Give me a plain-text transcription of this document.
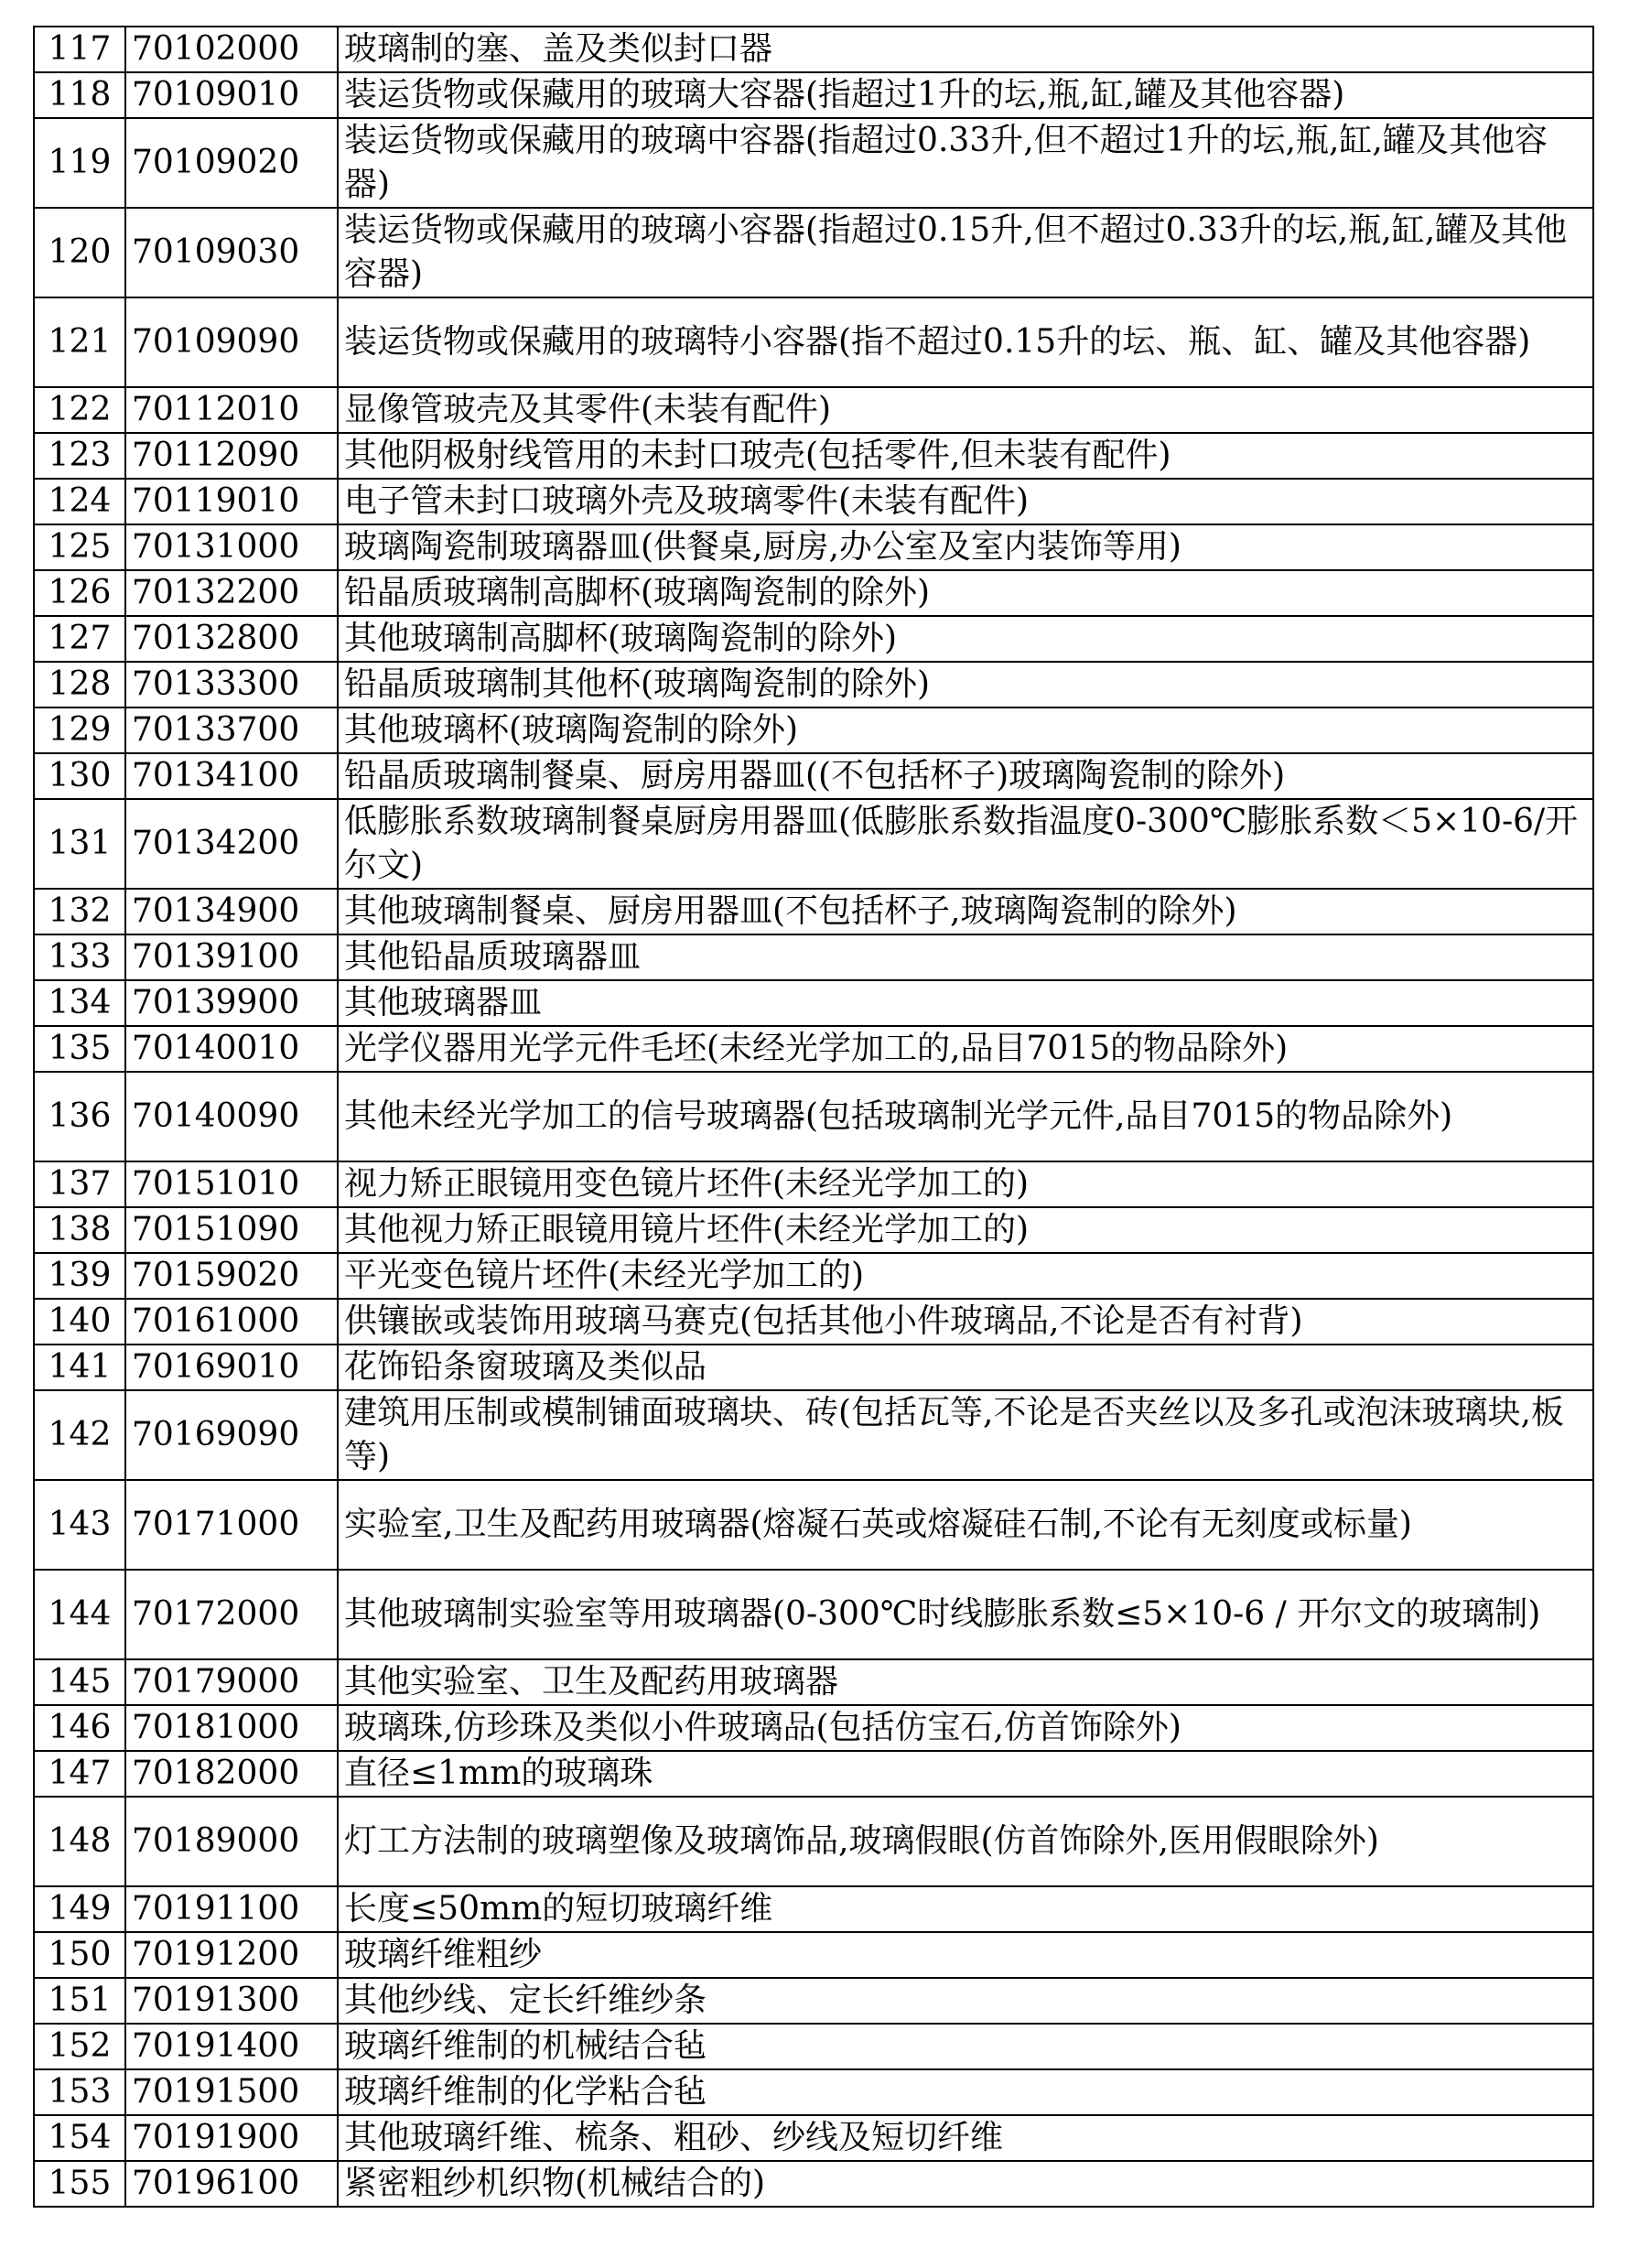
117	70102000	玻璃制的塞、盖及类似封口器
118	70109010	装运货物或保藏用的玻璃大容器(指超过1升的坛,瓶,缸,罐及其他容器)
119	70109020	装运货物或保藏用的玻璃中容器(指超过0.33升,但不超过1升的坛,瓶,缸,罐及其他容器)
120	70109030	装运货物或保藏用的玻璃小容器(指超过0.15升,但不超过0.33升的坛,瓶,缸,罐及其他容器)
121	70109090	装运货物或保藏用的玻璃特小容器(指不超过0.15升的坛、瓶、缸、罐及其他容器)
122	70112010	显像管玻壳及其零件(未装有配件)
123	70112090	其他阴极射线管用的未封口玻壳(包括零件,但未装有配件)
124	70119010	电子管未封口玻璃外壳及玻璃零件(未装有配件)
125	70131000	玻璃陶瓷制玻璃器皿(供餐桌,厨房,办公室及室内装饰等用)
126	70132200	铅晶质玻璃制高脚杯(玻璃陶瓷制的除外)
127	70132800	其他玻璃制高脚杯(玻璃陶瓷制的除外)
128	70133300	铅晶质玻璃制其他杯(玻璃陶瓷制的除外)
129	70133700	其他玻璃杯(玻璃陶瓷制的除外)
130	70134100	铅晶质玻璃制餐桌、厨房用器皿((不包括杯子)玻璃陶瓷制的除外)
131	70134200	低膨胀系数玻璃制餐桌厨房用器皿(低膨胀系数指温度0-300℃膨胀系数＜5×10-6/开尔文)
132	70134900	其他玻璃制餐桌、厨房用器皿(不包括杯子,玻璃陶瓷制的除外)
133	70139100	其他铅晶质玻璃器皿
134	70139900	其他玻璃器皿
135	70140010	光学仪器用光学元件毛坯(未经光学加工的,品目7015的物品除外)
136	70140090	其他未经光学加工的信号玻璃器(包括玻璃制光学元件,品目7015的物品除外)
137	70151010	视力矫正眼镜用变色镜片坯件(未经光学加工的)
138	70151090	其他视力矫正眼镜用镜片坯件(未经光学加工的)
139	70159020	平光变色镜片坯件(未经光学加工的)
140	70161000	供镶嵌或装饰用玻璃马赛克(包括其他小件玻璃品,不论是否有衬背)
141	70169010	花饰铅条窗玻璃及类似品
142	70169090	建筑用压制或模制铺面玻璃块、砖(包括瓦等,不论是否夹丝以及多孔或泡沫玻璃块,板等)
143	70171000	实验室,卫生及配药用玻璃器(熔凝石英或熔凝硅石制,不论有无刻度或标量)
144	70172000	其他玻璃制实验室等用玻璃器(0-300℃时线膨胀系数≤5×10-6 / 开尔文的玻璃制)
145	70179000	其他实验室、卫生及配药用玻璃器
146	70181000	玻璃珠,仿珍珠及类似小件玻璃品(包括仿宝石,仿首饰除外)
147	70182000	直径≤1mm的玻璃珠
148	70189000	灯工方法制的玻璃塑像及玻璃饰品,玻璃假眼(仿首饰除外,医用假眼除外)
149	70191100	长度≤50mm的短切玻璃纤维
150	70191200	玻璃纤维粗纱
151	70191300	其他纱线、定长纤维纱条
152	70191400	玻璃纤维制的机械结合毡
153	70191500	玻璃纤维制的化学粘合毡
154	70191900	其他玻璃纤维、梳条、粗砂、纱线及短切纤维
155	70196100	紧密粗纱机织物(机械结合的)
